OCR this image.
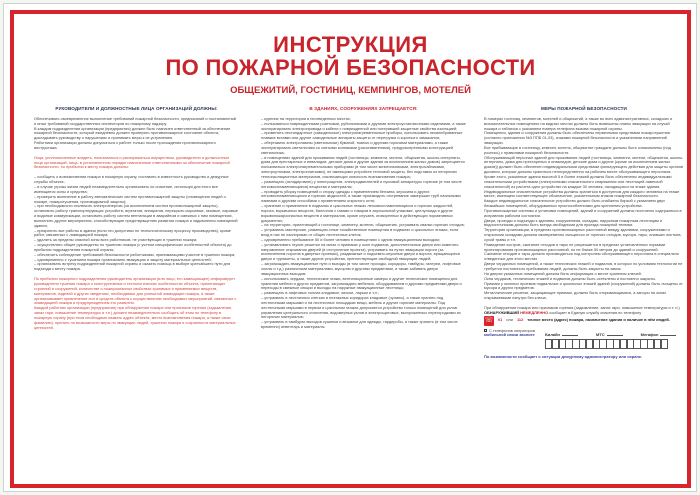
ИНСТРУКЦИЯ
ПО ПОЖАРНОЙ БЕЗОПАСНОСТИ
ОБЩЕЖИТИЙ, ГОСТИНИЦ, КЕМПИНГОВ, МОТЕЛЕЙ
РУКОВОДИТЕЛИ И ДОЛЖНОСТНЫЕ ЛИЦА ОРГАНИЗАЦИЙ ДОЛЖНЫ:
Обеспечивать своевременное выполнение требований пожарной безопасности, предписаний и постановлений и иных требований государственных инспекторов по пожарному надзору.
В каждом подразделении организации (предприятия) должен быть назначен ответственный за обеспечение пожарной безопасности, который ежедневно должен проверять противопожарное состояние объекта, докладывать руководству о нарушениях и принимать меры к их устранению.
Работники организации должны допускаться к работе только после прохождения противопожарного инструктажа.
Лица, уполномоченные владеть, пользоваться и распоряжаться имуществом, руководители и должностные лица организаций, лица, в установленном порядке назначенные ответственными за обеспечение пожарной безопасности, по прибытии к месту пожара должны:
– сообщить о возникновении пожара в пожарную охрану, поставить в известность руководство и дежурные службы объекта;
– в случае угрозы жизни людей незамедлительно организовать их спасение, используя для этого все имеющиеся силы и средства;
– проверить включение в работу автоматических систем противопожарной защиты (оповещения людей о пожаре, пожаротушения, противодымной защиты);
– при необходимости отключить электроэнергию (за исключением систем противопожарной защиты), остановить работу транспортирующих устройств, агрегатов, аппаратов, перекрыть сырьевые, газовые, паровые и водяные коммуникации, остановить работу систем вентиляции в аварийном и смежных с ним помещениях, выполнить другие мероприятия, способствующие предотвращению развития пожара и задымления помещений здания;
– прекратить все работы в здании (если это допустимо по технологическому процессу производства), кроме работ, связанных с ликвидацией пожара;
– удалить за пределы опасной зоны всех работников, не участвующих в тушении пожара;
– осуществлять общее руководство по тушению пожара (с учетом специфических особенностей объекта) до прибытия подразделения пожарной охраны;
– обеспечить соблюдение требований безопасности работниками, принимающими участие в тушении пожара;
– одновременно с тушением пожара организовать эвакуацию и защиту материальных ценностей;
– организовать встречу подразделений пожарной охраны и оказать помощь в выборе кратчайшего пути для подъезда к месту пожара.
По прибытии пожарного подразделения руководитель организации (или лицо, его замещающее) информирует руководителя тушения пожара о конструктивных и технологических особенностях объекта, прилегающих строений и сооружений, количестве и пожароопасных свойствах хранимых и применяемых веществ, материалов, изделий и других сведениях, необходимых для успешной ликвидации пожара, а также организовывает привлечение сил и средств объекта к осуществлению необходимых мероприятий, связанных с ликвидацией пожара и предупреждением его развития.
Каждый работник организации (предприятия) при обнаружении пожара или признаков горения (задымление, запах гари, повышение температуры и т.п.) должен незамедлительно сообщить об этом по телефону в пожарную охрану (при этом необходимо назвать адрес объекта, место возникновения пожара, а также свою фамилию), принять по возможности меры по эвакуации людей, тушению пожара и сохранности материальных ценностей.
В ЗДАНИЯХ, СООРУЖЕНИЯХ ЗАПРЕЩАЕТСЯ:
– курение на территории в неотведенных местах;
– пользоваться поврежденными розетками, рубильниками и другими электроустановочными изделиями, а также эксплуатировать электропровода и кабели с поврежденной или потерявшей защитные свойства изоляцией;
– применять нестандартные (самодельные) электронагревательные приборы, использовать некалиброванные плавкие вставки или другие самодельные аппараты защиты от перегрузки и короткого замыкания;
– обертывать электролампы (светильники) бумагой, тканью и другими горючими материалами, а также эксплуатировать светильники со снятыми колпаками (рассеивателями), предусмотренными конструкцией светильника;
– в помещениях зданий для проживания людей (гостиницы, кемпинги, мотели, общежития, школы-интернаты, дома для престарелых и инвалидов, детские дома и другие здания за исключением жилых домов) запрещается пользоваться электронагревательными приборами (в том числе кипятильниками, электрочайниками, электроутюгами, электроплитками), не имеющими устройств тепловой защиты, без подставок из негорючих теплоизоляционных материалов, исключающих опасность возникновения пожара;
– размещать (складировать) у электрощитов, электродвигателей и пусковой аппаратуры горючие (в том числе легковоспламеняющиеся) вещества и материалы;
– проводить уборку помещений и стирку одежды с применением бензина, керосина и других легковоспламеняющихся и горючих жидкостей, а также производить отогревание замерзших труб паяльными лампами и другими способами с применением открытого огня;
– хранение и применение в подвалах и цокольных этажах легковоспламеняющихся и горючих жидкостей, пороха, взрывчатых веществ, баллонов с газами и товаров в аэрозольной упаковке, целлулоида и других взрывопожароопасных веществ и материалов, кроме случаев, оговоренных в действующих нормативных документах;
– на территории, прилегающей к гостинице, кемпингу, мотелю, общежитию, устраивать свалки горючих отходов;
– устраивать мастерские, размещать иные хозяйственные помещения в подвалах и цокольных этажах, если вход в них не изолирован от общих лестничных клеток;
– одновременно пребывание 50 и более человек в помещениях с одним эвакуационным выходом;
– устанавливать глухие решетки на окнах и приямках у окон подвалов, дополнительные двери или изменять направление открывания дверей (в отступление проекта), устраивать на путях эвакуации пороги (за исключением порогов в дверных проемах), раздвижные и подъемно-опускные двери и ворота, вращающиеся двери и турникеты, а также другие устройства, препятствующие свободной эвакуации людей;
– загромождать эвакуационные пути и выходы (в том числе проходы, коридоры, тамбуры, галереи, лифтовые холлы и т.д.) различными материалами, мусором и другими предметами, а также забивать двери эвакуационных выходов;
– использовать чердаки, технические этажи, вентиляционные камеры и другие технические помещения для хранения мебели и других предметов, загромождать мебелью, оборудованием и другими предметами двери и переходы в смежные секции и выходы на наружные эвакуационные лестницы;
– размещать в лифтовых холлах кладовые, киоски, ларьки и т.п.;
– устраивать в лестничных клетках и поэтажных коридорах кладовые (чуланы), а также хранить под лестничными маршами и на лестничных площадках вещи, мебель и другие горючие материалы. Под лестничными маршами в первом и цокольном этажах допускается устройство только помещений для узлов управления центрального отопления, водомерных узлов и электрощитовых, выгороженных перегородками из негорючих материалов;
– устраивать в тамбурах выходов сушилки и вешалки для одежды, гардеробы, а также хранить (в том числе временно) инвентарь и материалы.
МЕРЫ ПОЖАРНОЙ БЕЗОПАСНОСТИ
В номерах гостиниц, кемпингов, мотелей и общежитий, а также во всех административных, складских и вспомогательных помещениях на видных местах должны быть вывешены планы эвакуации на случай пожара и таблички с указанием номера телефона вызова пожарной охраны.
Помещения, здания и сооружения должны быть обеспечены первичными средствами пожаротушения (согласно приложения №3 ППБ 01-03), знаками пожарной безопасности и указателями направлений эвакуации.
Все прибывающие в гостиницу, кемпинг, мотель, общежитие граждане должны быть ознакомлены (под роспись) с правилами пожарной безопасности.
Обслуживающий персонал зданий для проживания людей (гостиницы, кемпинги, мотели, общежития, школы-интернаты, дома для престарелых и инвалидов, детские дома и другие (кроме за исключением жилых домов)) должен быть обеспечен индивидуальными средствами фильтрующего действия для защиты органов дыхания, которые должны храниться непосредственно на рабочем месте обслуживающего персонала.
Кроме этого, указанные здания высотой 5 и более этажей должны быть обеспечены индивидуальными спасательными устройствами (электронными спасательного снаряжения или лестницей-навесной спасательной) из расчета одно устройство на каждые 30 человек, находящихся на этаже здания.
Индивидуальные спасательные устройства должны храниться в доступном для каждого человека на этаже месте, имеющем соответствующее обозначение, указательным знаком пожарной безопасности.
Каждое индивидуальное спасательное устройство должно быть снабжено биркой с указанием двух ближайших помещений, оборудованных приспособлениями для крепления устройства.
Противопожарные системы и установки помещений, зданий и сооружений должны постоянно содержаться в исправном рабочем состоянии.
Двери, проезды и подъезды к зданиям, сооружениям, складам, наружным пожарным лестницам и водоисточникам должны быть всегда свободными для проезда пожарной техники.
Территория организации, в пределах противопожарных расстояний между зданиями, сооружениями и открытыми складами должна своевременно очищаться от горючих отходов, мусора, тары, опавших листьев, сухой травы и т.п.
Разведение костров, сжигание отходов и тары не разрешается в пределах установленных нормами проектирования противопожарных расстояний, но не ближе 50 метров до зданий и сооружений.
Сжигание отходов и тары должно производиться под контролем обслуживающего персонала в специально отведенных для этого местах.
Двери чердачных помещений, а также технических этажей и подвалов, в которых по условиям технологии не требуется постоянного пребывания людей, должны быть закрыты на замок.
На дверях указанных помещений должна быть информация о месте хранения ключей.
Окна чердаков, технических этажей и подвалов должны быть остеклены и постоянно закрыты.
Приямки у оконных проемов подвальных и цокольных этажей зданий (сооружений) должны быть очищены от мусора и других предметов.
Металлические решетки, защищающие приямки, должны быть открывающимися, а запоры на окнах открываемыми изнутри без ключа.
При обнаружении пожара или признаков горения (задымление, запах гари, повышение температуры и т. п.) ОБНАРУЖИВШИЙ НЕМЕДЛЕННО сообщает в Единую службу спасения по телефону
☏ 01 или 112 точное место (адрес) пожара, назначение здания и наличие в нём людей.
С телефонов операторов
мобильной связи звоните	Билайн	МТС	Мегафон
По возможности сообщает о ситуации дежурному администратору или охране.
